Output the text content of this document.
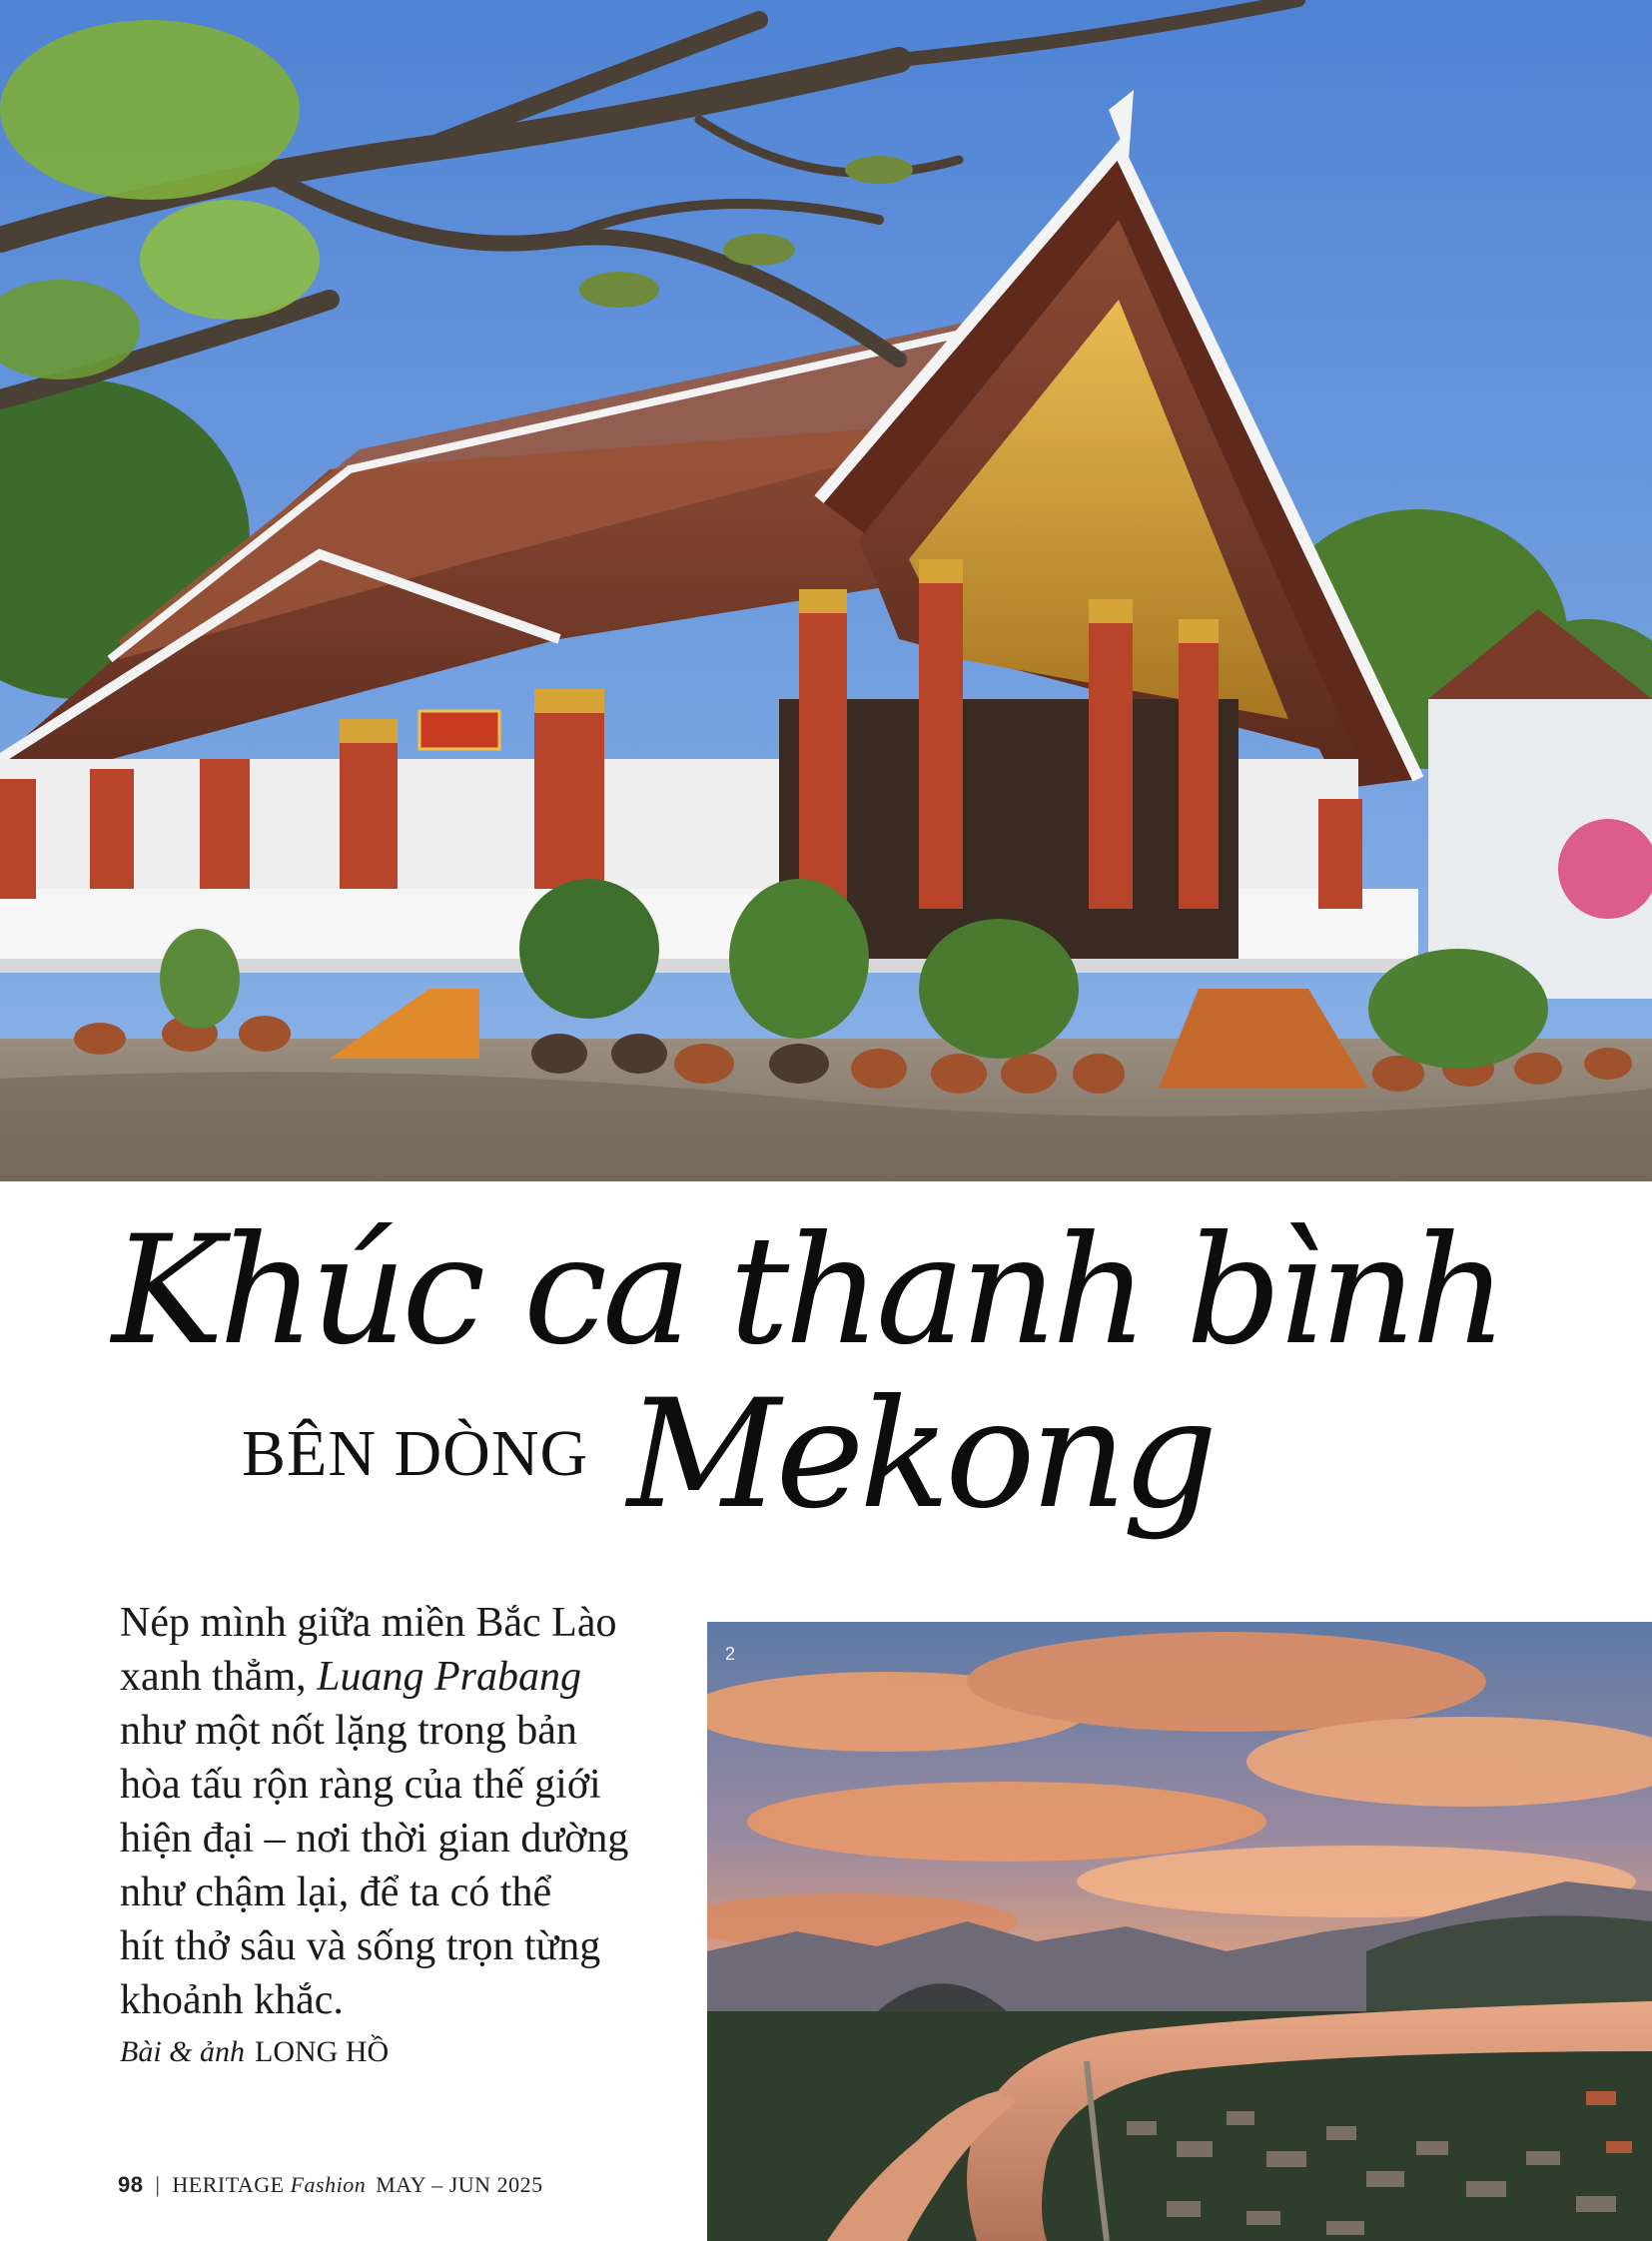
Khúc ca thanh bình
BÊN DÒNG Mekong
Nép mình giữa miền Bắc Lào
xanh thẳm, Luang Prabang
như một nốt lặng trong bản
hòa tấu rộn ràng của thế giới
hiện đại – nơi thời gian dường
như chậm lại, để ta có thể
hít thở sâu và sống trọn từng
khoảnh khắc.
Bài & ảnh LONG HỒ
98 | HERITAGE Fashion MAY – JUN 2025
2
